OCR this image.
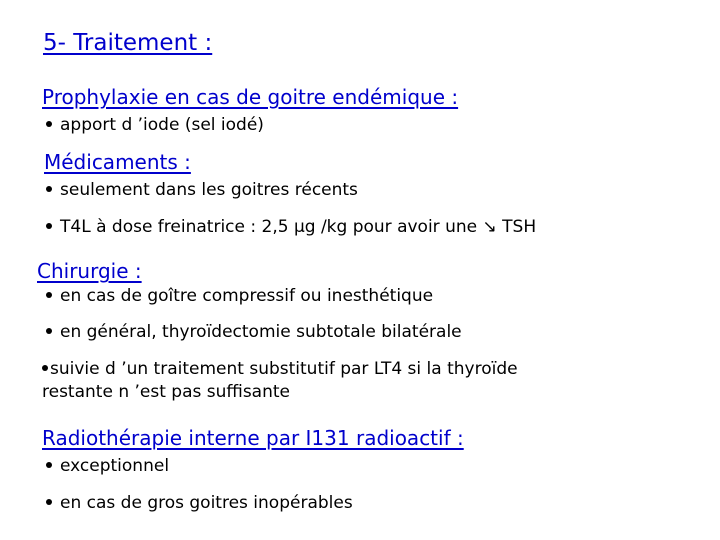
5- Traitement :
Prophylaxie en cas de goitre endémique :
apport d ’iode (sel iodé)
Médicaments :
seulement dans les goitres récents
T4L à dose freinatrice : 2,5 µg /kg pour avoir une ↘ TSH
Chirurgie :
en cas de goître compressif ou inesthétique
en général, thyroïdectomie subtotale bilatérale
suivie d ’un traitement substitutif par LT4 si la thyroïde
restante n ’est pas suffisante
Radiothérapie interne par I131 radioactif :
exceptionnel
en cas de gros goitres inopérables
